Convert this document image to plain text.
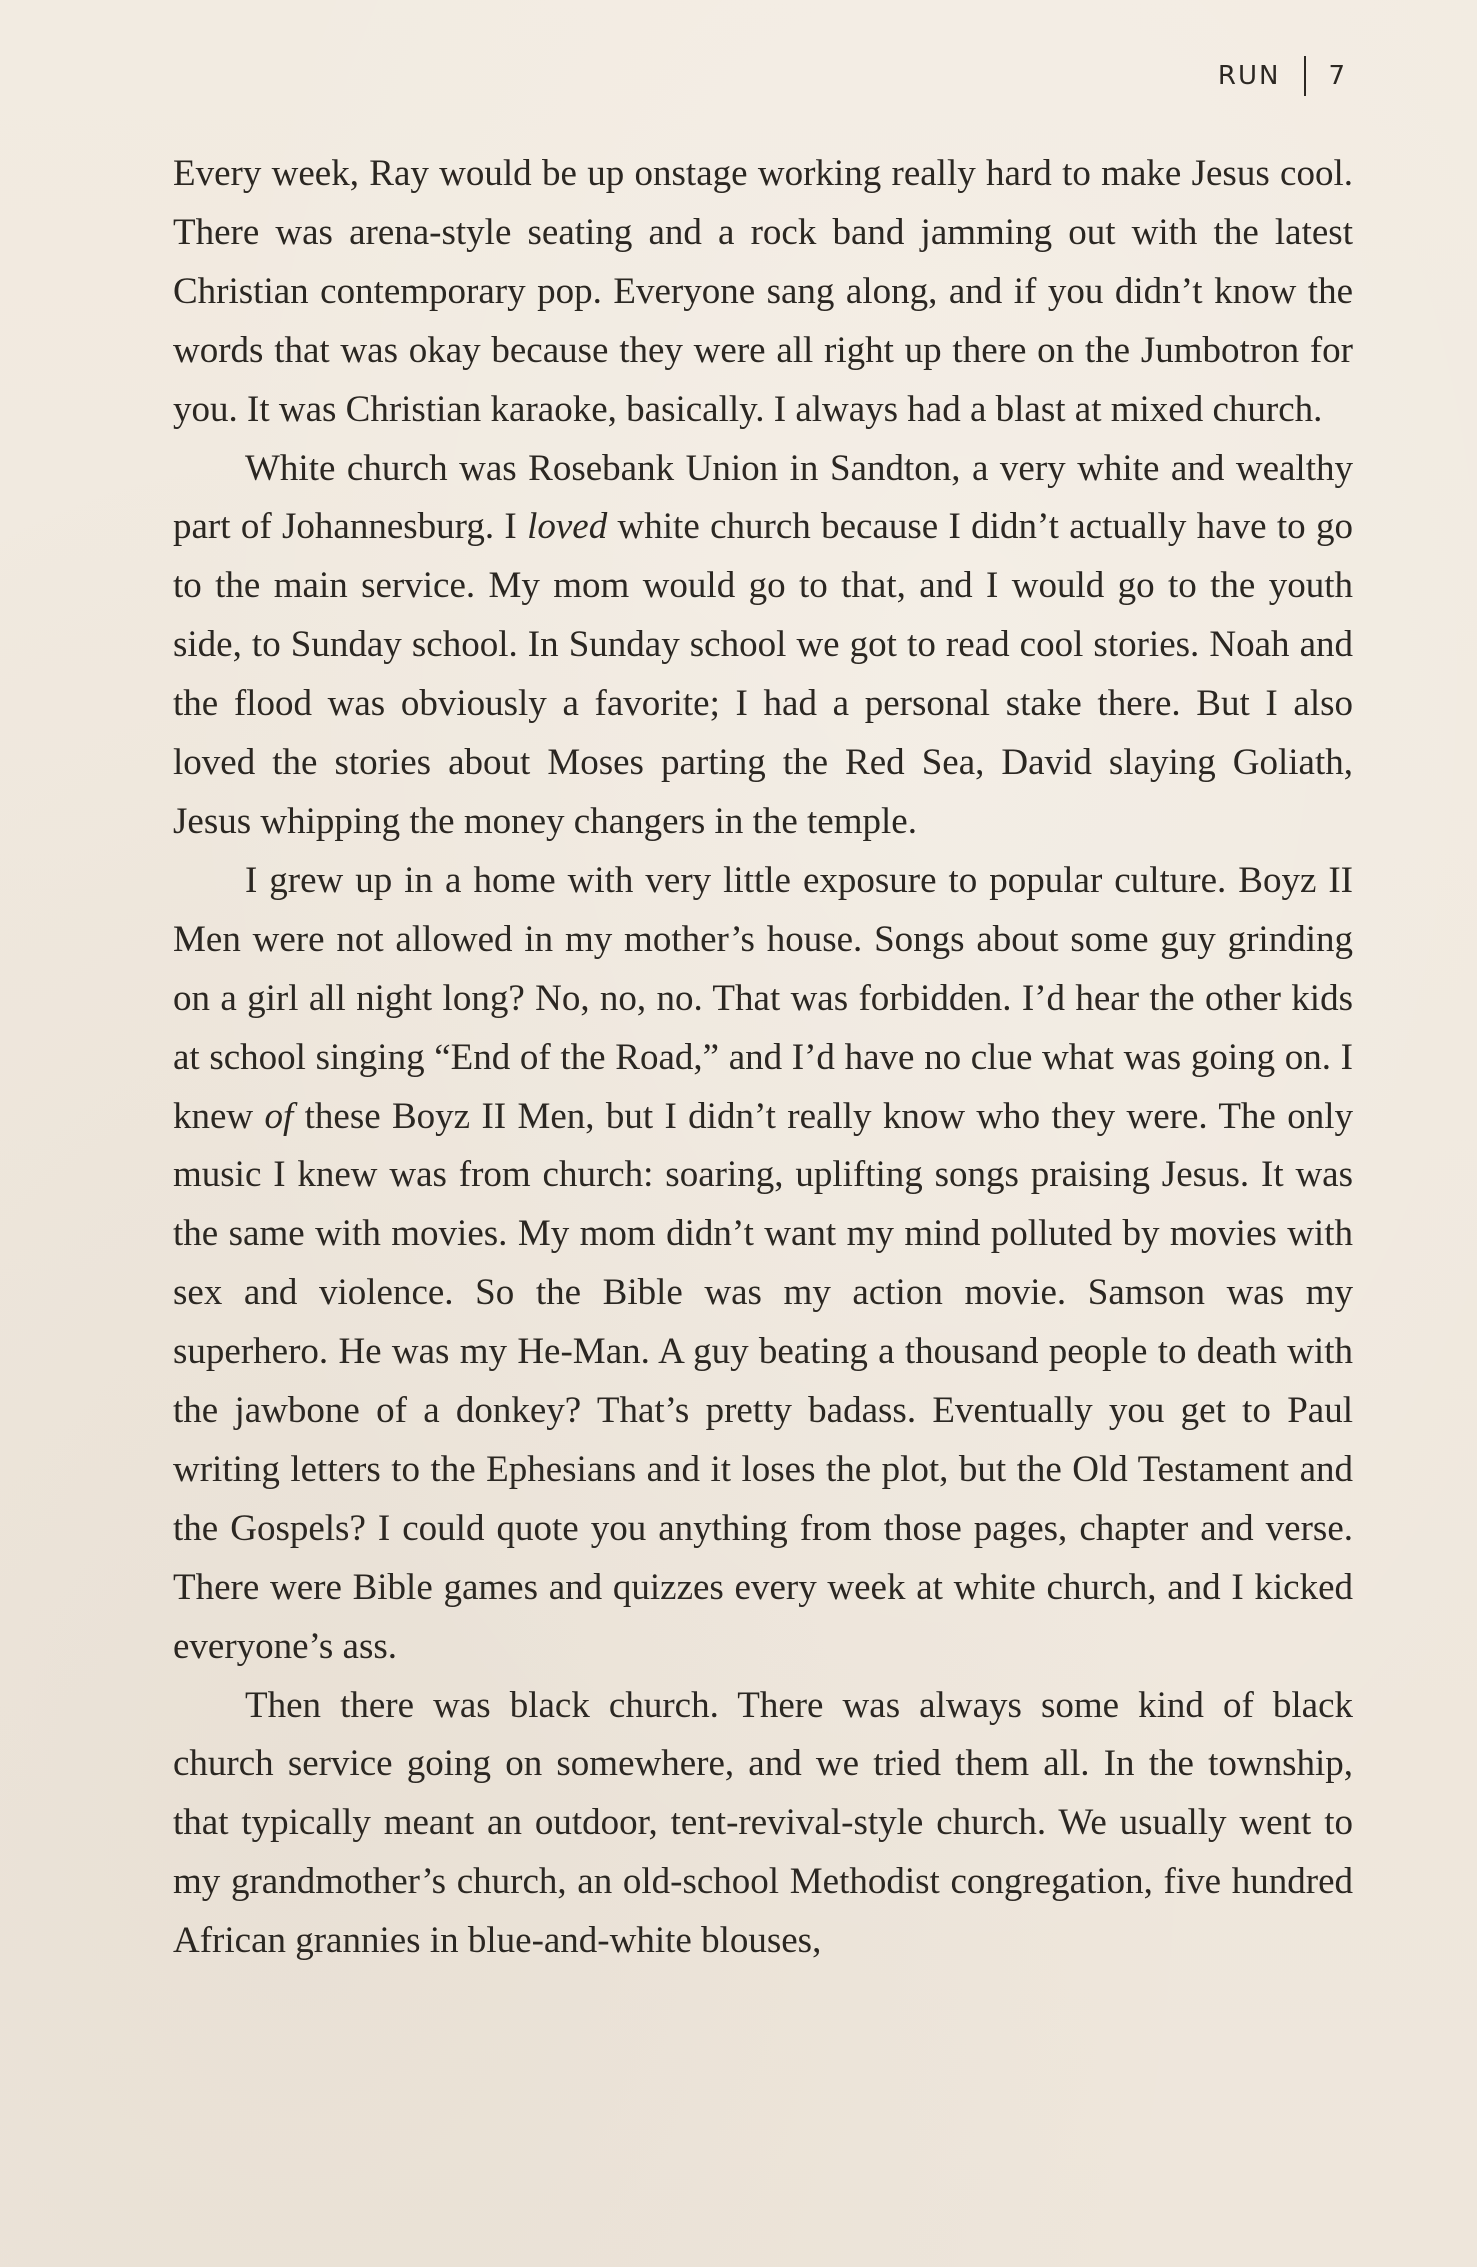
RUN 7

Every week, Ray would be up onstage working really hard to make Jesus cool. There was arena-style seating and a rock band jamming out with the latest Christian contemporary pop. Everyone sang along, and if you didn’t know the words that was okay because they were all right up there on the Jumbotron for you. It was Christian karaoke, basically. I always had a blast at mixed church.

White church was Rosebank Union in Sandton, a very white and wealthy part of Johannesburg. I loved white church because I didn’t actually have to go to the main service. My mom would go to that, and I would go to the youth side, to Sunday school. In Sunday school we got to read cool stories. Noah and the flood was obviously a favorite; I had a personal stake there. But I also loved the stories about Moses parting the Red Sea, David slaying Goliath, Jesus whipping the money changers in the temple.

I grew up in a home with very little exposure to popular culture. Boyz II Men were not allowed in my mother’s house. Songs about some guy grinding on a girl all night long? No, no, no. That was forbidden. I’d hear the other kids at school singing “End of the Road,” and I’d have no clue what was going on. I knew of these Boyz II Men, but I didn’t really know who they were. The only music I knew was from church: soaring, uplifting songs praising Jesus. It was the same with movies. My mom didn’t want my mind polluted by movies with sex and violence. So the Bible was my action movie. Samson was my superhero. He was my He-Man. A guy beating a thousand people to death with the jawbone of a donkey? That’s pretty badass. Eventually you get to Paul writing letters to the Ephesians and it loses the plot, but the Old Testament and the Gospels? I could quote you anything from those pages, chapter and verse. There were Bible games and quizzes every week at white church, and I kicked everyone’s ass.

Then there was black church. There was always some kind of black church service going on somewhere, and we tried them all. In the township, that typically meant an outdoor, tent-revival-style church. We usually went to my grandmother’s church, an old-school Methodist congregation, five hundred African grannies in blue-and-white blouses,
